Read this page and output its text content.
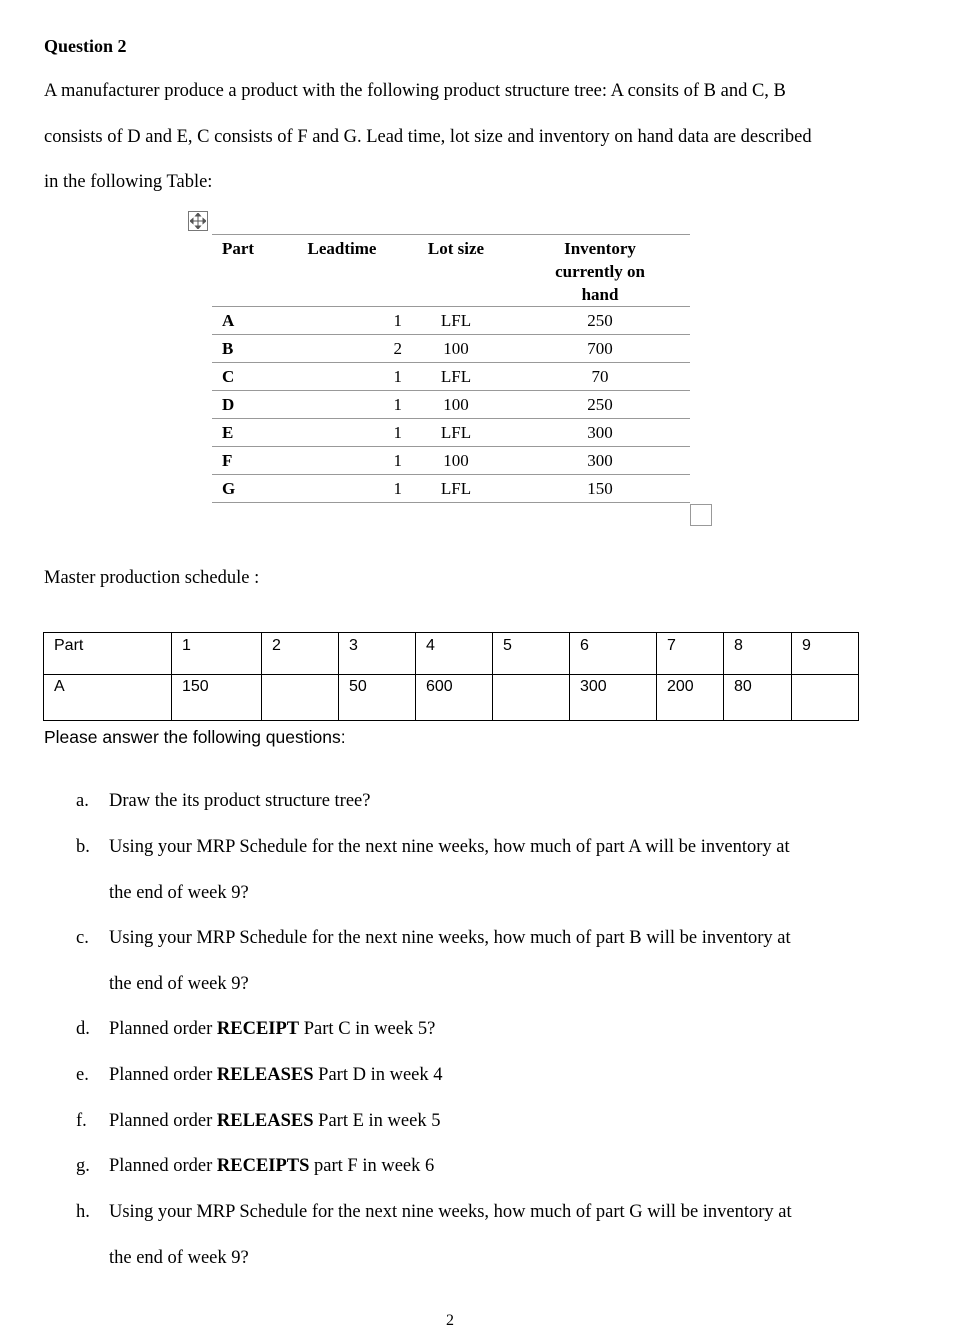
Question 2
A manufacturer produce a product with the following product structure tree: A consits of B and C, B
consists of D and E, C consists of F and G. Lead time, lot size and inventory on hand data are described
in the following Table:
Part	Leadtime	Lot size	Inventory currently on hand
A	1	LFL	250
B	2	100	700
C	1	LFL	70
D	1	100	250
E	1	LFL	300
F	1	100	300
G	1	LFL	150
Master production schedule :
Part	1	2	3	4	5	6	7	8	9
A	150		50	600		300	200	80	
Please answer the following questions:
a. Draw the its product structure tree?
b. Using your MRP Schedule for the next nine weeks, how much of part A will be inventory at
the end of week 9?
c. Using your MRP Schedule for the next nine weeks, how much of part B will be inventory at
the end of week 9?
d. Planned order RECEIPT Part C in week 5?
e. Planned order RELEASES Part D in week 4
f. Planned order RELEASES Part E in week 5
g. Planned order RECEIPTS part F in week 6
h. Using your MRP Schedule for the next nine weeks, how much of part G will be inventory at
the end of week 9?
2
